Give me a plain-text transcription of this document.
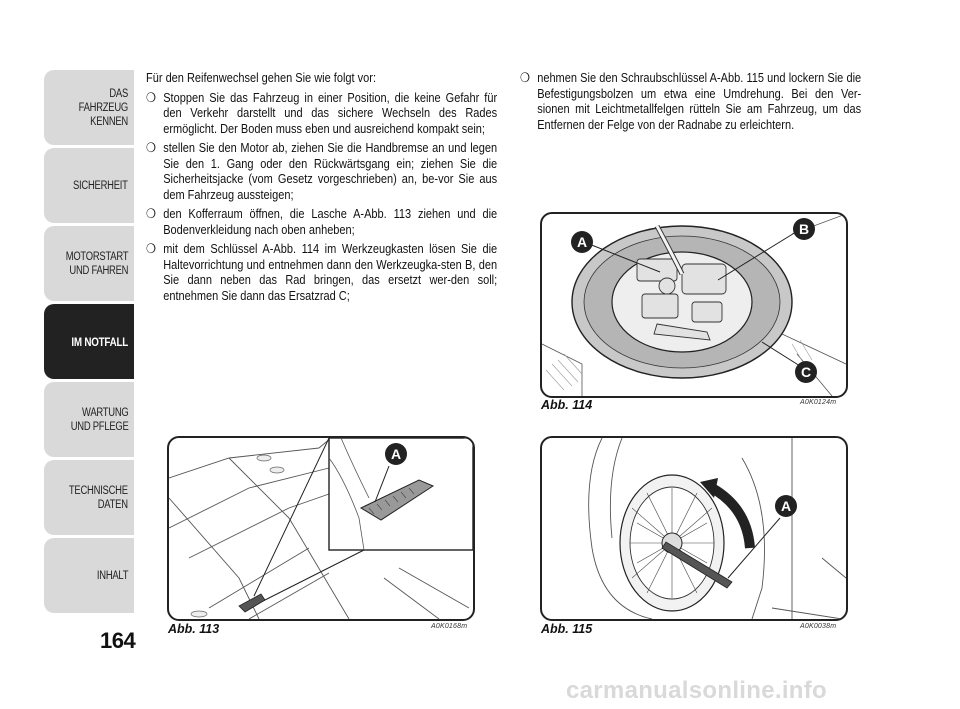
DAS FAHRZEUG
KENNEN
SICHERHEIT
MOTORSTART
UND FAHREN
IM NOTFALL
WARTUNG
UND PFLEGE
TECHNISCHE
DATEN
INHALT
164

Für den Reifenwechsel gehen Sie wie folgt vor:

❍ Stoppen Sie das Fahrzeug in einer Position, die keine Gefahr für den Verkehr darstellt und das sichere Wechseln des Rades ermöglicht. Der Boden muss eben und ausreichend kompakt sein;
❍ stellen Sie den Motor ab, ziehen Sie die Handbremse an und legen Sie den 1. Gang oder den Rückwärtsgang ein; ziehen Sie die Sicherheitsjacke (vom Gesetz vorgeschrieben) an, be-vor Sie aus dem Fahrzeug aussteigen;
❍ den Kofferraum öffnen, die Lasche A-Abb. 113 ziehen und die Bodenverkleidung nach oben anheben;
❍ mit dem Schlüssel A-Abb. 114 im Werkzeugkasten lösen Sie die Haltevorrichtung und entnehmen dann den Werkzeugka-sten B, den Sie dann neben das Rad bringen, das ersetzt wer-den soll; entnehmen Sie dann das Ersatzrad C;
❍ nehmen Sie den Schraubschlüssel A-Abb. 115 und lockern Sie die Befestigungsbolzen um etwa eine Umdrehung. Bei den Ver-sionen mit Leichtmetallfelgen rütteln Sie am Fahrzeug, um das Entfernen der Felge von der Radnabe zu erleichtern.
A
B
C
Abb. 114	A0K0124m
A
Abb. 113	A0K0168m
A
Abb. 115	A0K0038m
carmanualsonline.info
